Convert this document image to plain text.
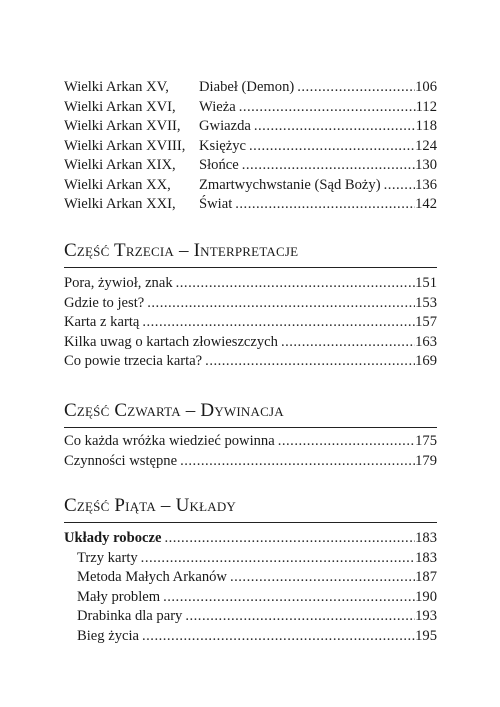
Wielki Arkan XV,	Diabeł (Demon) .....	106
Wielki Arkan XVI,	Wieża .....	112
Wielki Arkan XVII,	Gwiazda .....	118
Wielki Arkan XVIII, Księżyc .....	124
Wielki Arkan XIX,	Słońce .....	130
Wielki Arkan XX,	Zmartwychwstanie (Sąd Boży) ..... 136
Wielki Arkan XXI,	Świat .....	142
Część Trzecia – Interpretacje
Pora, żywioł, znak .....	151
Gdzie to jest? .....	153
Karta z kartą .....	157
Kilka uwag o kartach złowieszczych .....	163
Co powie trzecia karta? .....	169
Część Czwarta – Dywinacja
Co każda wróżka wiedzieć powinna .....	175
Czynności wstępne .....	179
Część Piąta – Układy
Układy robocze .....	183
Trzy karty .....	183
Metoda Małych Arkanów .....	187
Mały problem .....	190
Drabinka dla pary .....	193
Bieg życia .....	195
